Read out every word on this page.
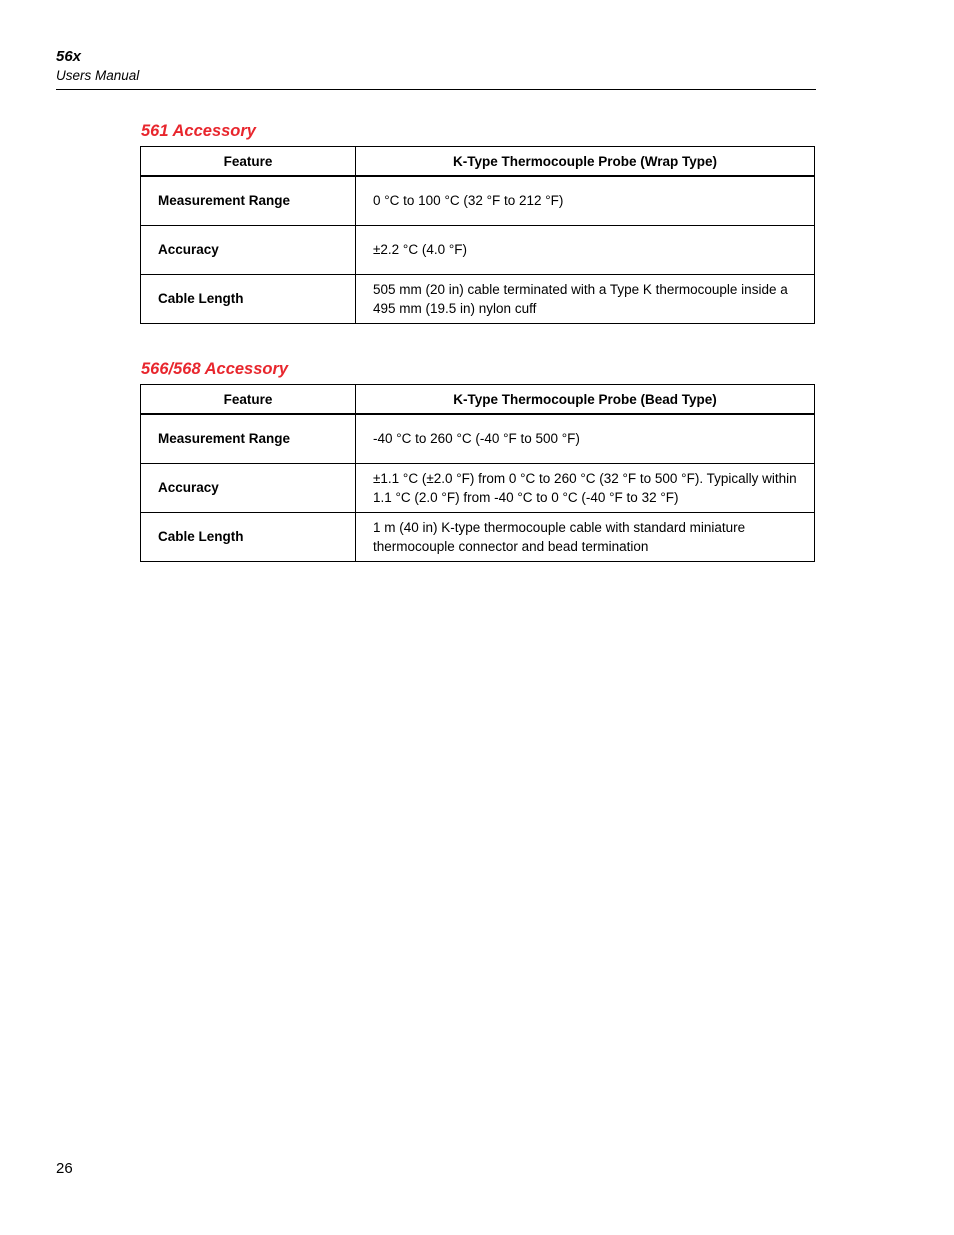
56x
Users Manual
561 Accessory
Feature	K-Type Thermocouple Probe (Wrap Type)
Measurement Range	0 °C to 100 °C (32 °F to 212 °F)
Accuracy	±2.2 °C (4.0 °F)
Cable Length	505 mm (20 in) cable terminated with a Type K thermocouple inside a 495 mm (19.5 in) nylon cuff
566/568 Accessory
Feature	K-Type Thermocouple Probe (Bead Type)
Measurement Range	-40 °C to 260 °C (-40 °F to 500 °F)
Accuracy	±1.1 °C (±2.0 °F) from 0 °C to 260 °C (32 °F to 500 °F). Typically within 1.1 °C (2.0 °F) from -40 °C to 0 °C (-40 °F to 32 °F)
Cable Length	1 m (40 in) K-type thermocouple cable with standard miniature thermocouple connector and bead termination
26
